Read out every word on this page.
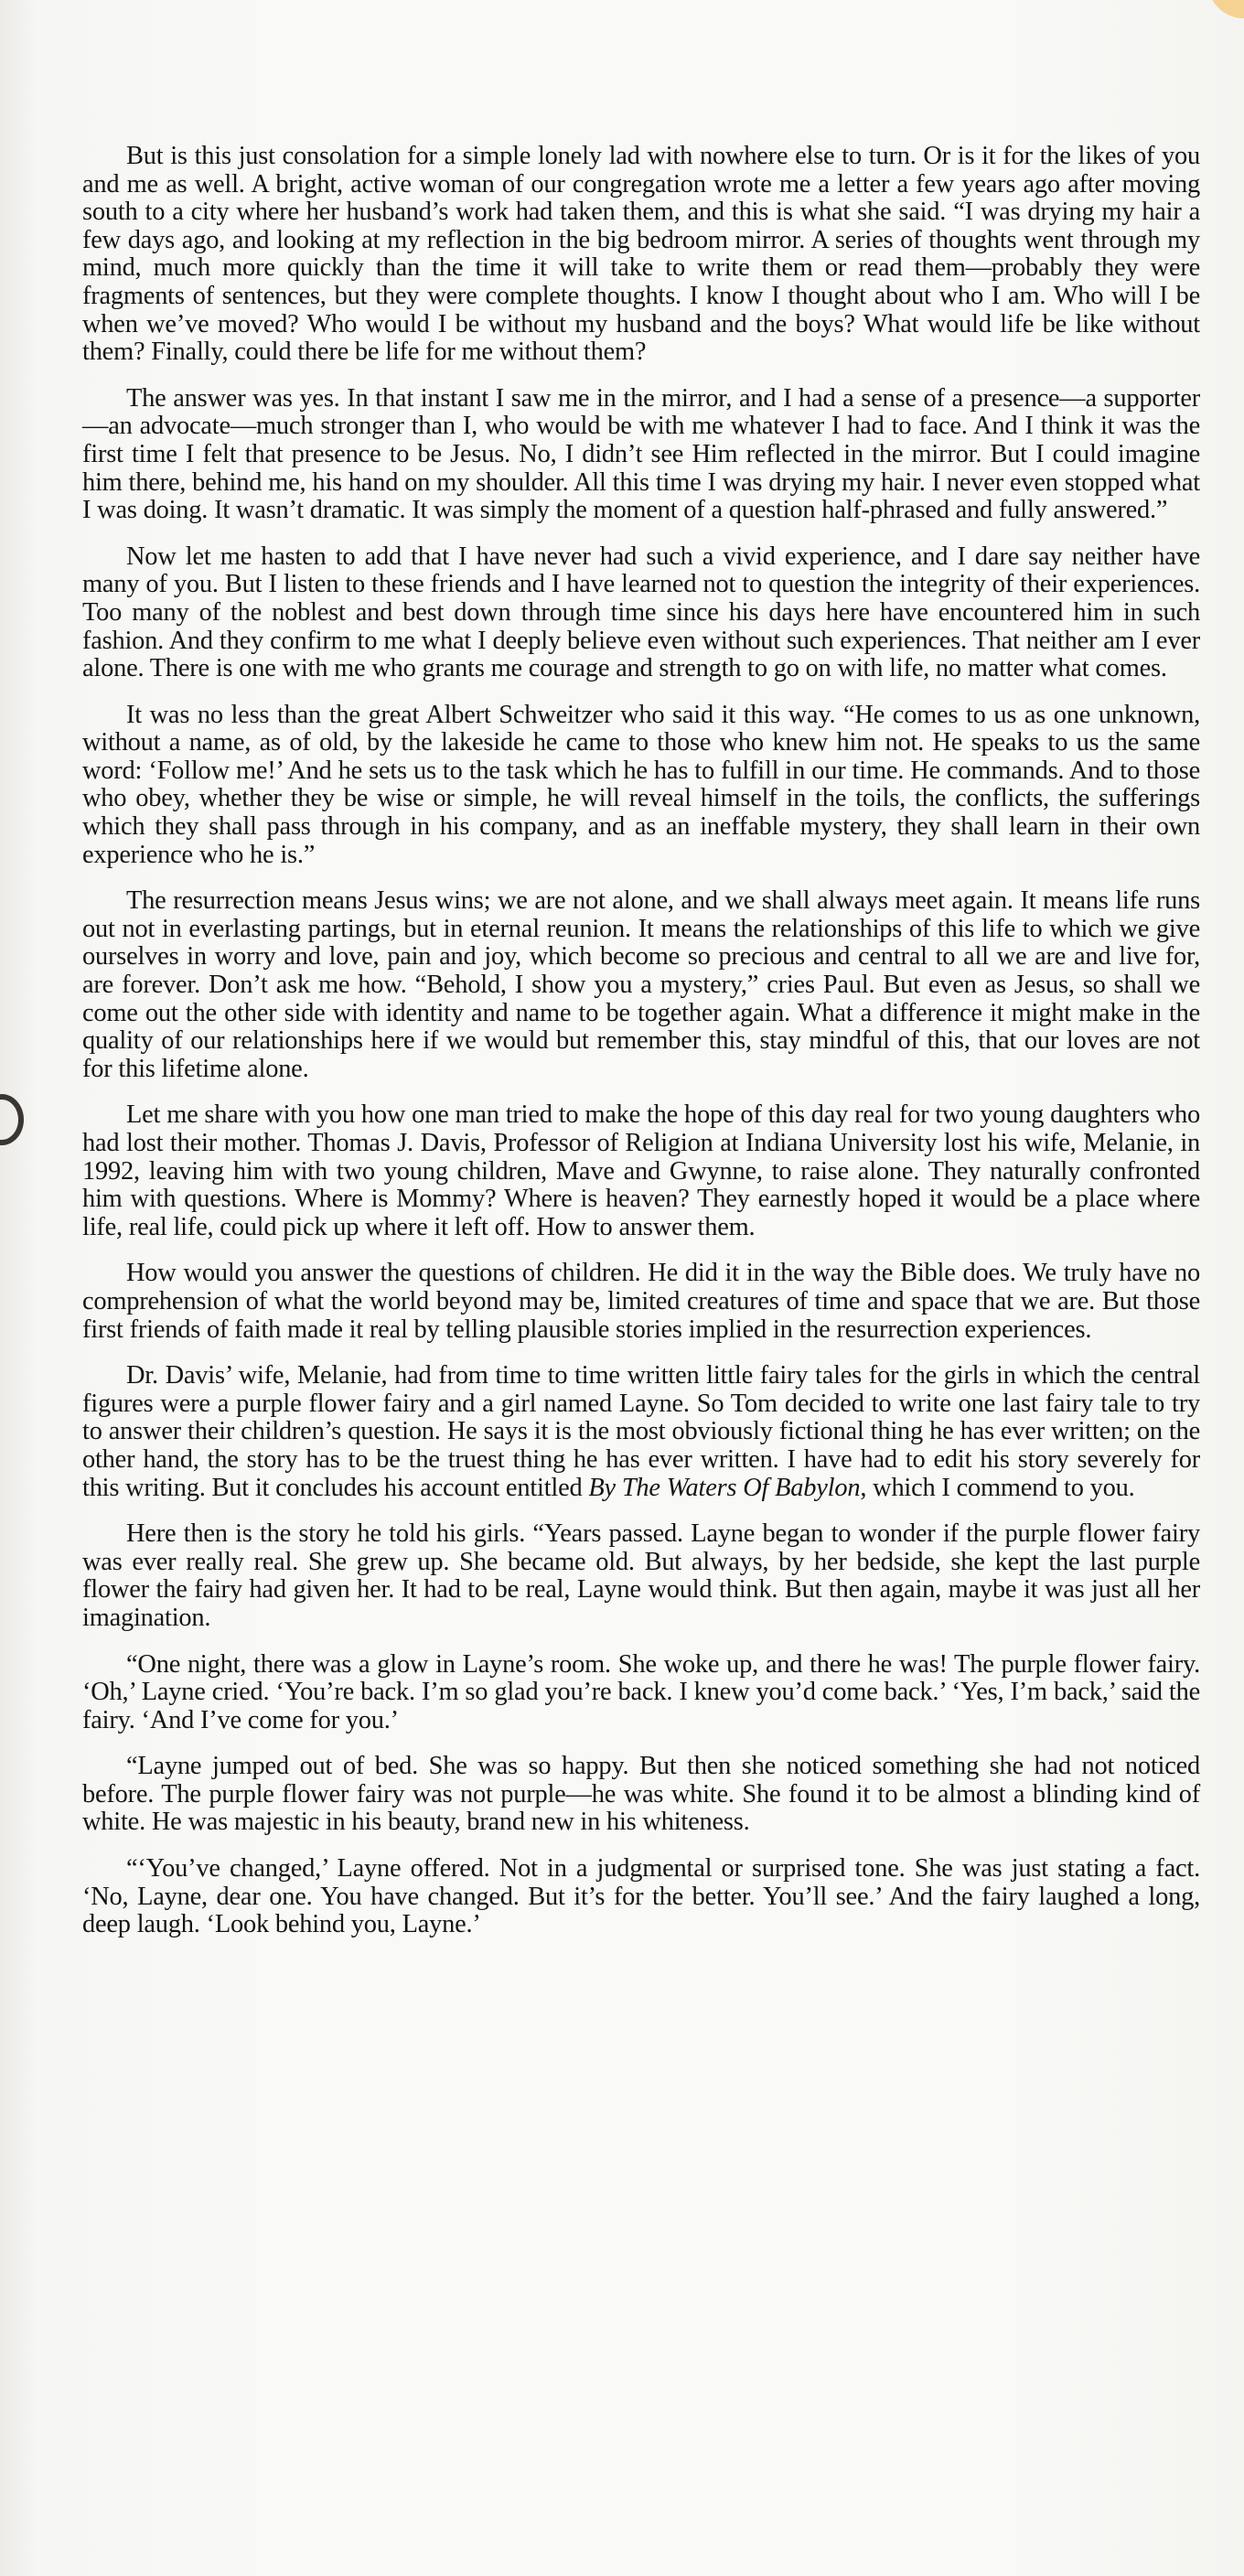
But is this just consolation for a simple lonely lad with nowhere else to turn. Or is it for the likes of you and me as well. A bright, active woman of our congregation wrote me a letter a few years ago after moving south to a city where her husband’s work had taken them, and this is what she said. “I was drying my hair a few days ago, and looking at my reflection in the big bedroom mirror. A series of thoughts went through my mind, much more quickly than the time it will take to write them or read them—probably they were fragments of sentences, but they were complete thoughts. I know I thought about who I am. Who will I be when we’ve moved? Who would I be without my husband and the boys? What would life be like without them? Finally, could there be life for me without them?

The answer was yes. In that instant I saw me in the mirror, and I had a sense of a presence—a supporter—an advocate—much stronger than I, who would be with me whatever I had to face. And I think it was the first time I felt that presence to be Jesus. No, I didn’t see Him reflected in the mirror. But I could imagine him there, behind me, his hand on my shoulder. All this time I was drying my hair. I never even stopped what I was doing. It wasn’t dramatic. It was simply the moment of a question half-phrased and fully answered.”

Now let me hasten to add that I have never had such a vivid experience, and I dare say neither have many of you. But I listen to these friends and I have learned not to question the integrity of their experiences. Too many of the noblest and best down through time since his days here have encountered him in such fashion. And they confirm to me what I deeply believe even without such experiences. That neither am I ever alone. There is one with me who grants me courage and strength to go on with life, no matter what comes.

It was no less than the great Albert Schweitzer who said it this way. “He comes to us as one unknown, without a name, as of old, by the lakeside he came to those who knew him not. He speaks to us the same word: ‘Follow me!’ And he sets us to the task which he has to fulfill in our time. He commands. And to those who obey, whether they be wise or simple, he will reveal himself in the toils, the conflicts, the sufferings which they shall pass through in his company, and as an ineffable mystery, they shall learn in their own experience who he is.”

The resurrection means Jesus wins; we are not alone, and we shall always meet again. It means life runs out not in everlasting partings, but in eternal reunion. It means the relationships of this life to which we give ourselves in worry and love, pain and joy, which become so precious and central to all we are and live for, are forever. Don’t ask me how. “Behold, I show you a mystery,” cries Paul. But even as Jesus, so shall we come out the other side with identity and name to be together again. What a difference it might make in the quality of our relationships here if we would but remember this, stay mindful of this, that our loves are not for this lifetime alone.

Let me share with you how one man tried to make the hope of this day real for two young daughters who had lost their mother. Thomas J. Davis, Professor of Religion at Indiana University lost his wife, Melanie, in 1992, leaving him with two young children, Mave and Gwynne, to raise alone. They naturally confronted him with questions. Where is Mommy? Where is heaven? They earnestly hoped it would be a place where life, real life, could pick up where it left off. How to answer them.

How would you answer the questions of children. He did it in the way the Bible does. We truly have no comprehension of what the world beyond may be, limited creatures of time and space that we are. But those first friends of faith made it real by telling plausible stories implied in the resurrection experiences.

Dr. Davis’ wife, Melanie, had from time to time written little fairy tales for the girls in which the central figures were a purple flower fairy and a girl named Layne. So Tom decided to write one last fairy tale to try to answer their children’s question. He says it is the most obviously fictional thing he has ever written; on the other hand, the story has to be the truest thing he has ever written. I have had to edit his story severely for this writing. But it concludes his account entitled By The Waters Of Babylon, which I commend to you.

Here then is the story he told his girls. “Years passed. Layne began to wonder if the purple flower fairy was ever really real. She grew up. She became old. But always, by her bedside, she kept the last purple flower the fairy had given her. It had to be real, Layne would think. But then again, maybe it was just all her imagination.

“One night, there was a glow in Layne’s room. She woke up, and there he was! The purple flower fairy. ‘Oh,’ Layne cried. ‘You’re back. I’m so glad you’re back. I knew you’d come back.’ ‘Yes, I’m back,’ said the fairy. ‘And I’ve come for you.’

“Layne jumped out of bed. She was so happy. But then she noticed something she had not noticed before. The purple flower fairy was not purple—he was white. She found it to be almost a blinding kind of white. He was majestic in his beauty, brand new in his whiteness.

“‘You’ve changed,’ Layne offered. Not in a judgmental or surprised tone. She was just stating a fact. ‘No, Layne, dear one. You have changed. But it’s for the better. You’ll see.’ And the fairy laughed a long, deep laugh. ‘Look behind you, Layne.’
